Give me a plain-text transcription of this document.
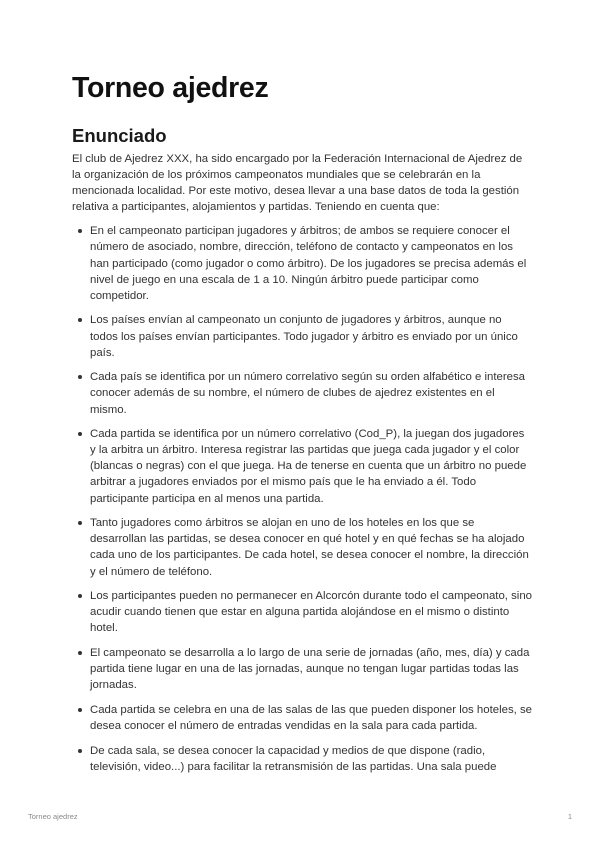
Torneo ajedrez
Enunciado

El club de Ajedrez XXX, ha sido encargado por la Federación Internacional de Ajedrez de la organización de los próximos campeonatos mundiales que se celebrarán en la mencionada localidad. Por este motivo, desea llevar a una base datos de toda la gestión relativa a participantes, alojamientos y partidas. Teniendo en cuenta que:

En el campeonato participan jugadores y árbitros; de ambos se requiere conocer el número de asociado, nombre, dirección, teléfono de contacto y campeonatos en los han participado (como jugador o como árbitro). De los jugadores se precisa además el nivel de juego en una escala de 1 a 10. Ningún árbitro puede participar como competidor.
Los países envían al campeonato un conjunto de jugadores y árbitros, aunque no todos los países envían participantes. Todo jugador y árbitro es enviado por un único país.
Cada país se identifica por un número correlativo según su orden alfabético e interesa conocer además de su nombre, el número de clubes de ajedrez existentes en el mismo.
Cada partida se identifica por un número correlativo (Cod_P), la juegan dos jugadores y la arbitra un árbitro. Interesa registrar las partidas que juega cada jugador y el color (blancas o negras) con el que juega. Ha de tenerse en cuenta que un árbitro no puede arbitrar a jugadores enviados por el mismo país que le ha enviado a él. Todo participante participa en al menos una partida.
Tanto jugadores como árbitros se alojan en uno de los hoteles en los que se desarrollan las partidas, se desea conocer en qué hotel y en qué fechas se ha alojado cada uno de los participantes. De cada hotel, se desea conocer el nombre, la dirección y el número de teléfono.
Los participantes pueden no permanecer en Alcorcón durante todo el campeonato, sino acudir cuando tienen que estar en alguna partida alojándose en el mismo o distinto hotel.
El campeonato se desarrolla a lo largo de una serie de jornadas (año, mes, día) y cada partida tiene lugar en una de las jornadas, aunque no tengan lugar partidas todas las jornadas.
Cada partida se celebra en una de las salas de las que pueden disponer los hoteles, se desea conocer el número de entradas vendidas en la sala para cada partida.
De cada sala, se desea conocer la capacidad y medios de que dispone (radio, televisión, video...) para facilitar la retransmisión de las partidas. Una sala puede
Torneo ajedrez	1
